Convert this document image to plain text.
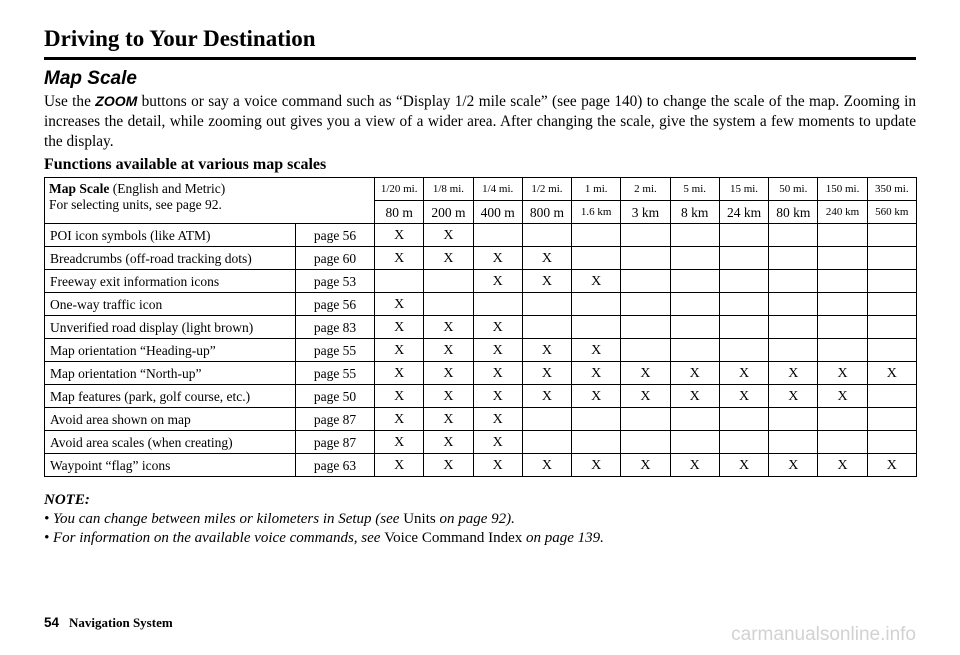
Driving to Your Destination
Map Scale
Use the ZOOM buttons or say a voice command such as “Display 1/2 mile scale” (see page 140) to change the scale of the map. Zooming in increases the detail, while zooming out gives you a view of a wider area. After changing the scale, give the system a few moments to update the display.
Functions available at various map scales
Map Scale (English and Metric)
For selecting units, see page 92.		1/20 mi.	1/8 mi.	1/4 mi.	1/2 mi.	1 mi.	2 mi.	5 mi.	15 mi.	50 mi.	150 mi.	350 mi.
		80 m	200 m	400 m	800 m	1.6 km	3 km	8 km	24 km	80 km	240 km	560 km
POI icon symbols (like ATM)	page 56	X	X									
Breadcrumbs (off-road tracking dots)	page 60	X	X	X	X							
Freeway exit information icons	page 53			X	X	X						
One-way traffic icon	page 56	X										
Unverified road display (light brown)	page 83	X	X	X								
Map orientation “Heading-up”	page 55	X	X	X	X	X						
Map orientation “North-up”	page 55	X	X	X	X	X	X	X	X	X	X	X
Map features (park, golf course, etc.)	page 50	X	X	X	X	X	X	X	X	X	X	
Avoid area shown on map	page 87	X	X	X								
Avoid area scales (when creating)	page 87	X	X	X								
Waypoint “flag” icons	page 63	X	X	X	X	X	X	X	X	X	X	X
NOTE:
• You can change between miles or kilometers in Setup (see Units on page 92).
• For information on the available voice commands, see Voice Command Index on page 139.
54 Navigation System
carmanualsonline.info
